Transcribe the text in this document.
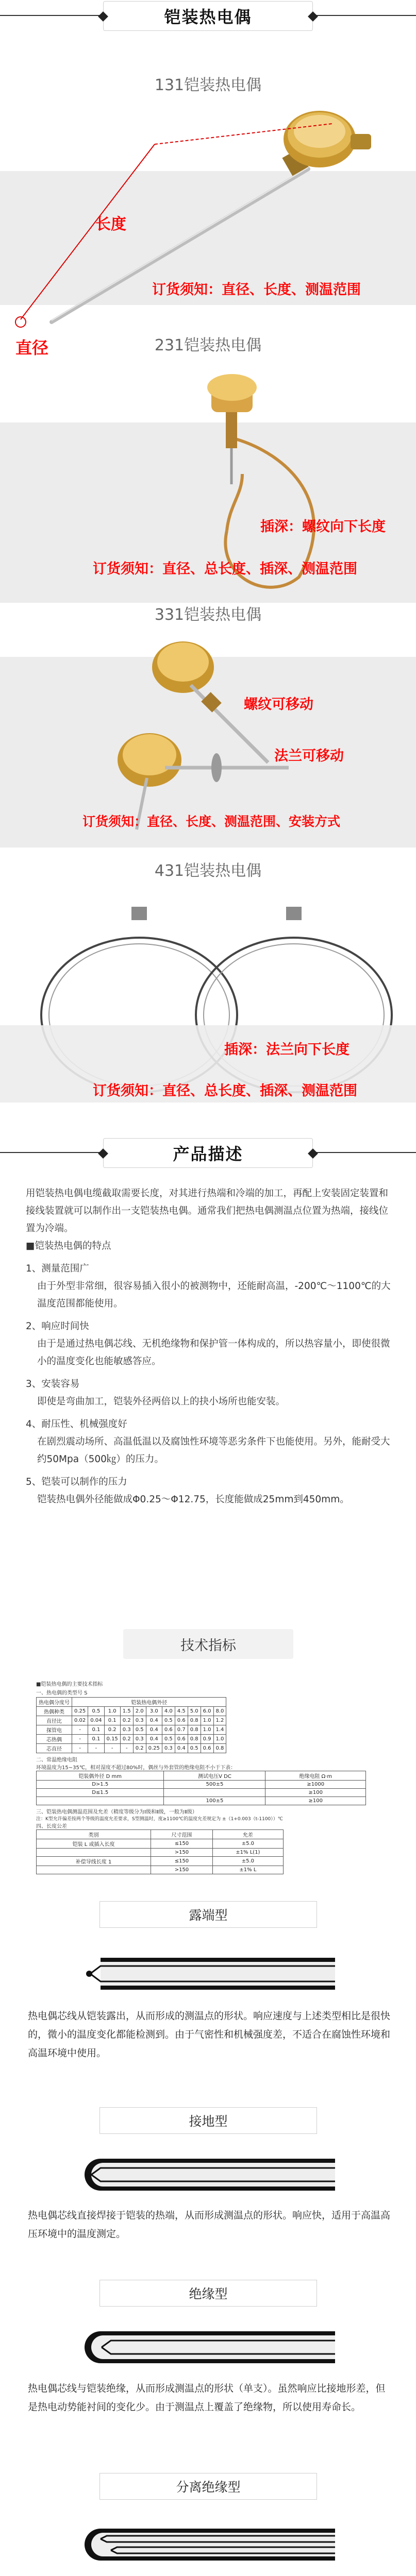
铠装热电偶
131铠装热电偶
长度
直径
订货须知：直径、长度、测温范围
231铠装热电偶
插深：螺纹向下长度
订货须知：直径、总长度、插深、测温范围
331铠装热电偶
螺纹可移动
法兰可移动
订货须知：直径、长度、测温范围、安装方式
431铠装热电偶
插深：法兰向下长度
订货须知：直径、总长度、插深、测温范围
产品描述

用铠装热电偶电缆截取需要长度，对其进行热端和冷端的加工，再配上安装固定装置和接线装置就可以制作出一支铠装热电偶。通常我们把热电偶测温点位置为热端，接线位置为冷端。

■铠装热电偶的特点

1、测量范围广

由于外型非常细，很容易插入很小的被测物中，还能耐高温，-200℃～1100℃的大温度范围都能使用。

2、响应时间快

由于是通过热电偶芯线、无机绝缘物和保护管一体构成的，所以热容量小，即使很微小的温度变化也能敏感答应。

3、安装容易

即使是弯曲加工，铠装外径两倍以上的抉小场所也能安装。

4、耐压性、机械强度好

在剧烈震动场所、高温低温以及腐蚀性环境等恶劣条件下也能使用。另外，能耐受大约50Mpa（500㎏）的压力。

5、铠装可以制作的压力

铠装热电偶外径能做成Φ0.25～Φ12.75，长度能做成25mm到450mm。

技术指标
■铠装热电偶的主要技术指标
一、热电偶的类型号 S
热电偶分度号	铠装热电偶外径										
热偶种类	0.25	0.5	1.0	1.5	2.0	3.0	4.0	4.5	5.0	6.0	8.0
直径比	0.02	0.04	0.1	0.2	0.3	0.4	0.5	0.6	0.8	1.0	1.2
探管电	-	0.1	0.2	0.3	0.5	0.4	0.6	0.7	0.8	1.0	1.4
芯热偶	-	0.1	0.15	0.2	0.3	0.4	0.5	0.6	0.8	0.9	1.0
芯直径	-	-	-	-	0.2	0.25	0.3	0.4	0.5	0.6	0.8
二、常温绝缘电阻
环境温度为15~35℃，相对湿度不超过80%时，偶丝与外套管的绝缘电阻不小于下表：
铠装偶外径 D mm	测试电压V DC	绝缘电阻 Ω·m
D>1.5	500±5	≥1000
D≤1.5		≥100
	100±5	≥100
三、铠装热电偶测温范围及允差（精度等级分为Ⅰ级和Ⅱ级，一般为Ⅱ级）
注：K型允许偏差按两个等级的温度允差要求，S型测温时，度≥1100℃的温度允差规定为 ±（1+0.003（t-1100））℃
四、长度公差
类别	尺寸范围	允差
铠装 L 或插入长度	≤150	±5.0
	>150	±1% L(1)
补偿导线长度 1	≤150	±5.0
	>150	±1% L
露端型
热电偶芯线从铠装露出，从而形成的测温点的形状。响应速度与上述类型相比是很快的，微小的温度变化都能检测到。由于气密性和机械强度差，不适合在腐蚀性环境和高温环境中使用。
接地型
热电偶芯线直接焊接于铠装的热端，从而形成测温点的形状。响应快，适用于高温高压环境中的温度测定。
绝缘型
热电偶芯线与铠装绝缘，从而形成测温点的形状（单支）。虽然响应比接地形差，但是热电动势能衬间的变化少。由于测温点上覆盖了绝缘物，所以使用寿命长。
分离绝缘型
